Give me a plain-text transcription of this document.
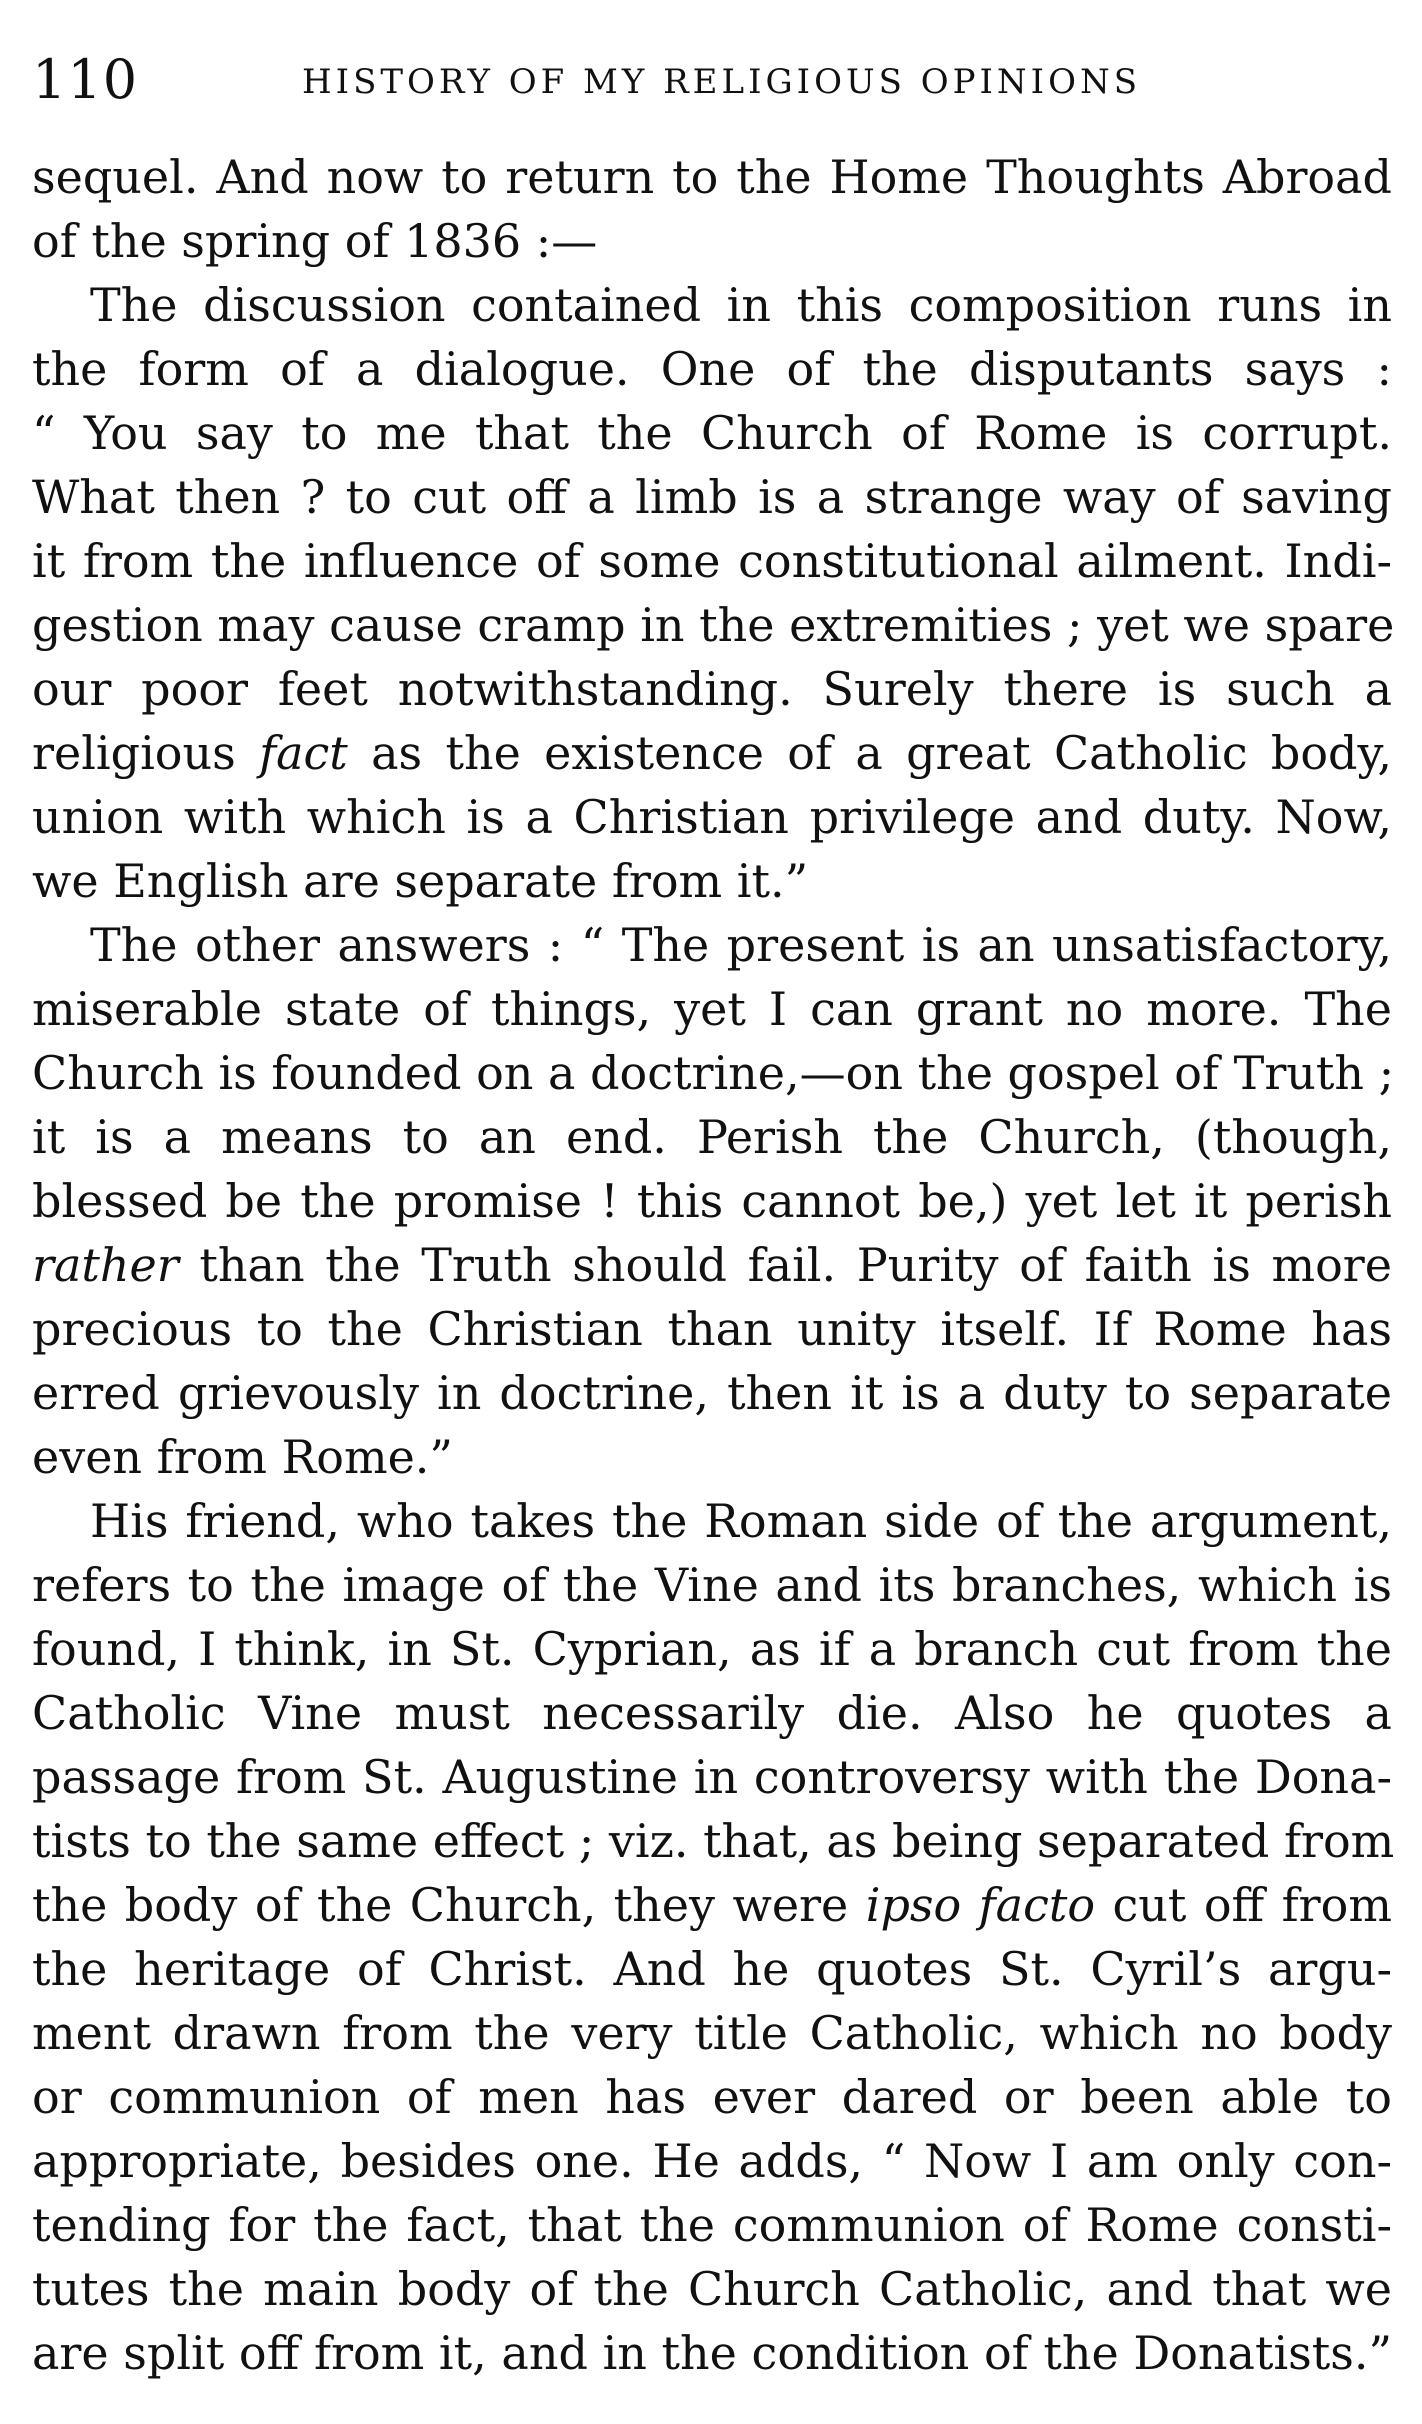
110	HISTORY OF MY RELIGIOUS OPINIONS
sequel. And now to return to the Home Thoughts Abroad
of the spring of 1836 :—
The discussion contained in this composition runs in
the form of a dialogue. One of the disputants says :
“ You say to me that the Church of Rome is corrupt.
What then ? to cut off a limb is a strange way of saving
it from the influence of some constitutional ailment. Indi-
gestion may cause cramp in the extremities ; yet we spare
our poor feet notwithstanding. Surely there is such a
religious fact as the existence of a great Catholic body,
union with which is a Christian privilege and duty. Now,
we English are separate from it.”
The other answers : “ The present is an unsatisfactory,
miserable state of things, yet I can grant no more. The
Church is founded on a doctrine,—on the gospel of Truth ;
it is a means to an end. Perish the Church, (though,
blessed be the promise ! this cannot be,) yet let it perish
rather than the Truth should fail. Purity of faith is more
precious to the Christian than unity itself. If Rome has
erred grievously in doctrine, then it is a duty to separate
even from Rome.”
His friend, who takes the Roman side of the argument,
refers to the image of the Vine and its branches, which is
found, I think, in St. Cyprian, as if a branch cut from the
Catholic Vine must necessarily die. Also he quotes a
passage from St. Augustine in controversy with the Dona-
tists to the same effect ; viz. that, as being separated from
the body of the Church, they were ipso facto cut off from
the heritage of Christ. And he quotes St. Cyril’s argu-
ment drawn from the very title Catholic, which no body
or communion of men has ever dared or been able to
appropriate, besides one. He adds, “ Now I am only con-
tending for the fact, that the communion of Rome consti-
tutes the main body of the Church Catholic, and that we
are split off from it, and in the condition of the Donatists.”
